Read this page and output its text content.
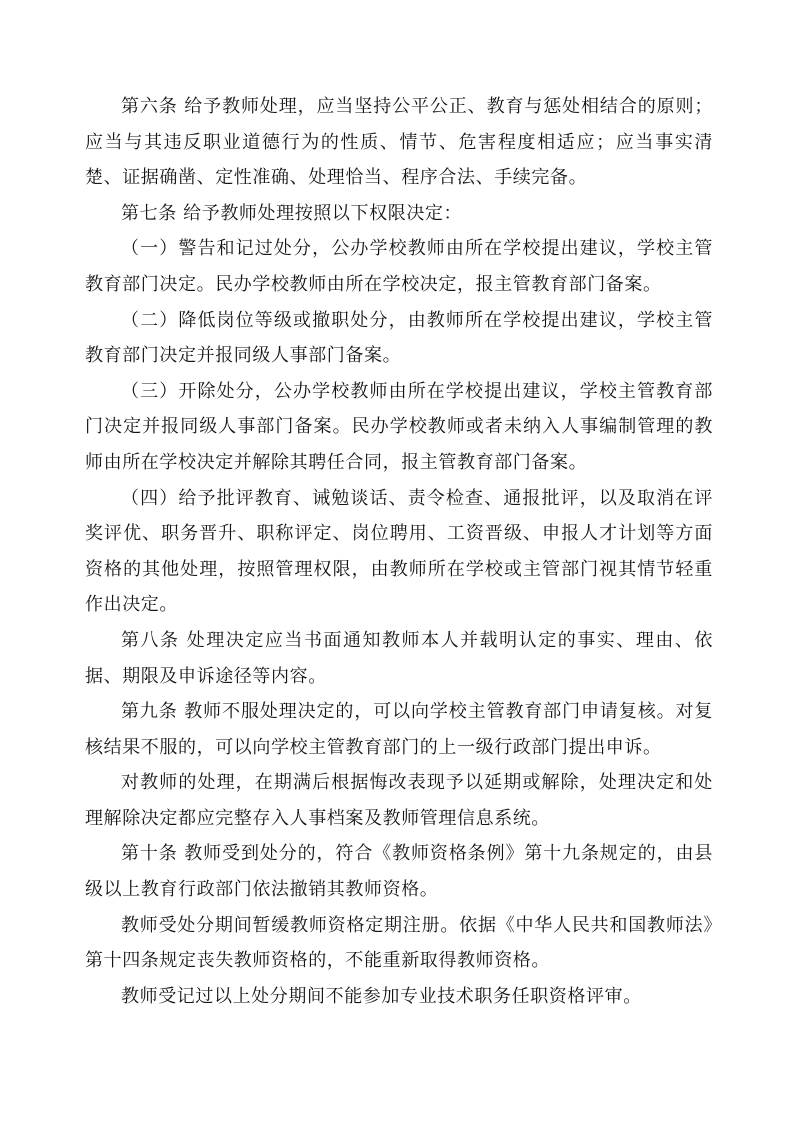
第六条 给予教师处理，应当坚持公平公正、教育与惩处相结合的原则；应当与其违反职业道德行为的性质、情节、危害程度相适应；应当事实清楚、证据确凿、定性准确、处理恰当、程序合法、手续完备。

第七条 给予教师处理按照以下权限决定：

（一）警告和记过处分，公办学校教师由所在学校提出建议，学校主管教育部门决定。民办学校教师由所在学校决定，报主管教育部门备案。

（二）降低岗位等级或撤职处分，由教师所在学校提出建议，学校主管教育部门决定并报同级人事部门备案。

（三）开除处分，公办学校教师由所在学校提出建议，学校主管教育部门决定并报同级人事部门备案。民办学校教师或者未纳入人事编制管理的教师由所在学校决定并解除其聘任合同，报主管教育部门备案。

（四）给予批评教育、诫勉谈话、责令检查、通报批评，以及取消在评奖评优、职务晋升、职称评定、岗位聘用、工资晋级、申报人才计划等方面资格的其他处理，按照管理权限，由教师所在学校或主管部门视其情节轻重作出决定。

第八条 处理决定应当书面通知教师本人并载明认定的事实、理由、依据、期限及申诉途径等内容。

第九条 教师不服处理决定的，可以向学校主管教育部门申请复核。对复核结果不服的，可以向学校主管教育部门的上一级行政部门提出申诉。

对教师的处理，在期满后根据悔改表现予以延期或解除，处理决定和处理解除决定都应完整存入人事档案及教师管理信息系统。

第十条 教师受到处分的，符合《教师资格条例》第十九条规定的，由县级以上教育行政部门依法撤销其教师资格。

教师受处分期间暂缓教师资格定期注册。依据《中华人民共和国教师法》第十四条规定丧失教师资格的，不能重新取得教师资格。

教师受记过以上处分期间不能参加专业技术职务任职资格评审。
